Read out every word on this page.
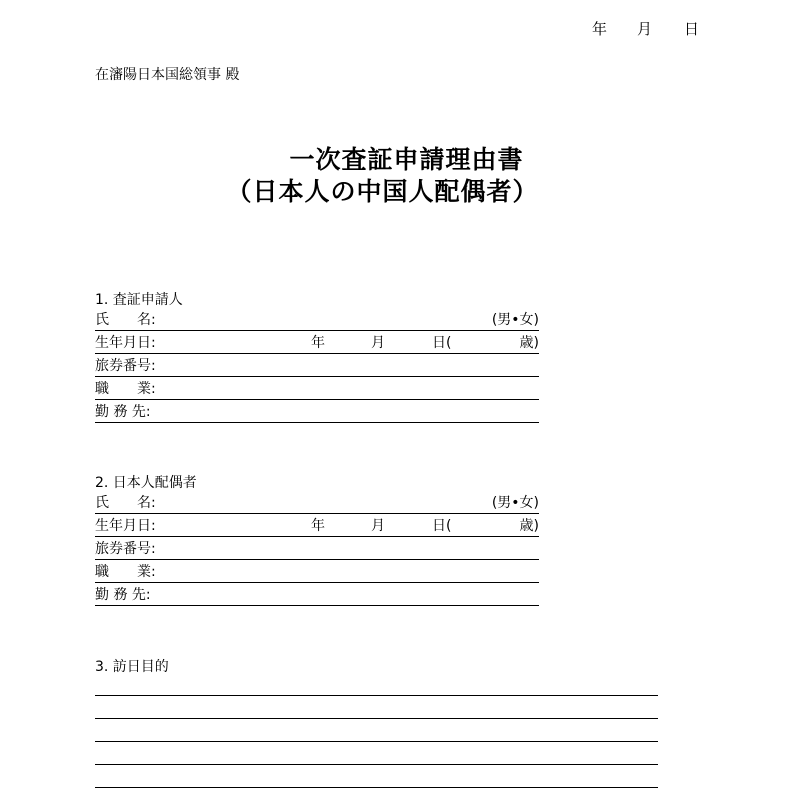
年 月 日
在瀋陽日本国総領事 殿
一次査証申請理由書
（日本人の中国人配偶者）
1. 査証申請人
氏　　名:	(男•女)
生年月日:	年	月	日(	歳)
旅券番号:
職　　業:
勤 務 先:
2. 日本人配偶者
氏　　名:	(男•女)
生年月日:	年	月	日(	歳)
旅券番号:
職　　業:
勤 務 先:
3. 訪日目的
